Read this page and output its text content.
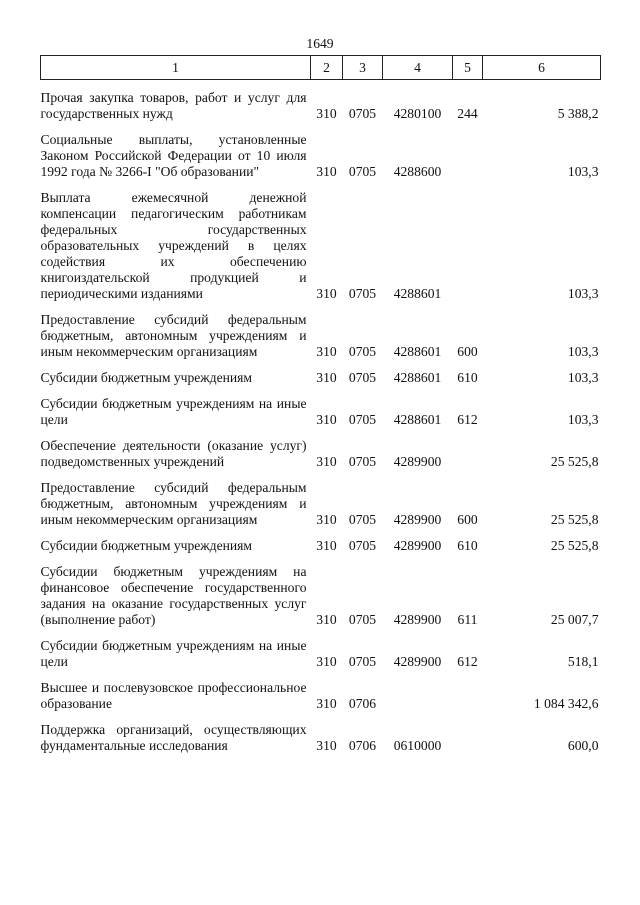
1649
1	2	3	4	5	6

Прочая закупка товаров, работ и услуг для государственных нужд	310	0705	4280100	244	5 388,2

Социальные выплаты, установленные Законом Российской Федерации от 10 июля 1992 года № 3266-I "Об образовании"	310	0705	4288600		103,3

Выплата ежемесячной денежной компенсации педагогическим работникам федеральных государственных образовательных учреждений в целях содействия их обеспечению книгоиздательской продукцией и периодическими изданиями	310	0705	4288601		103,3

Предоставление субсидий федеральным бюджетным, автономным учреждениям и иным некоммерческим организациям	310	0705	4288601	600	103,3

Субсидии бюджетным учреждениям	310	0705	4288601	610	103,3

Субсидии бюджетным учреждениям на иные цели	310	0705	4288601	612	103,3

Обеспечение деятельности (оказание услуг) подведомственных учреждений	310	0705	4289900		25 525,8

Предоставление субсидий федеральным бюджетным, автономным учреждениям и иным некоммерческим организациям	310	0705	4289900	600	25 525,8

Субсидии бюджетным учреждениям	310	0705	4289900	610	25 525,8

Субсидии бюджетным учреждениям на финансовое обеспечение государственного задания на оказание государственных услуг (выполнение работ)	310	0705	4289900	611	25 007,7

Субсидии бюджетным учреждениям на иные цели	310	0705	4289900	612	518,1

Высшее и послевузовское профессиональное образование	310	0706			1 084 342,6

Поддержка организаций, осуществляющих фундаментальные исследования	310	0706	0610000		600,0
